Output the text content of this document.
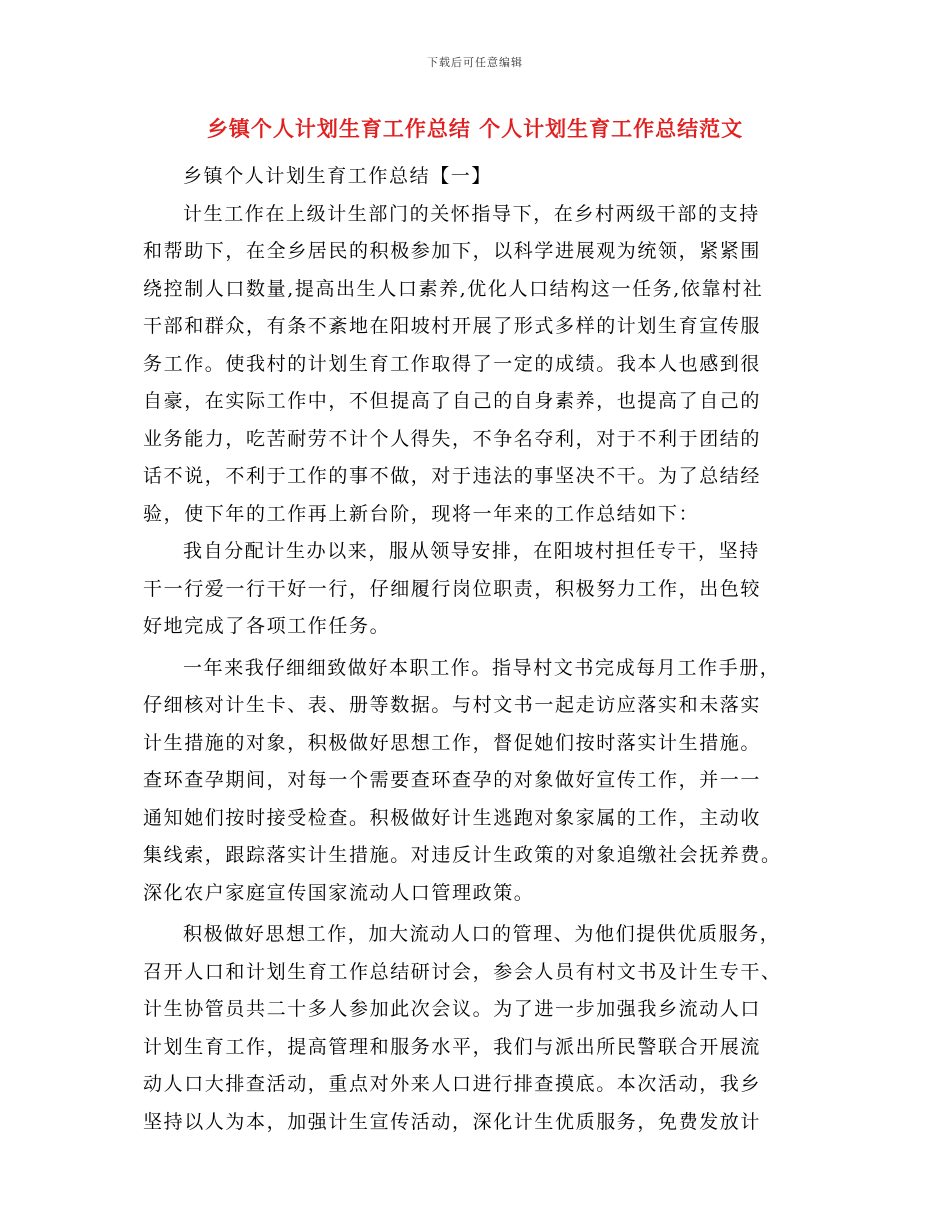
下载后可任意编辑
乡镇个人计划生育工作总结 个人计划生育工作总结范文
乡镇个人计划生育工作总结【一】
计生工作在上级计生部门的关怀指导下，在乡村两级干部的支持
和帮助下，在全乡居民的积极参加下，以科学进展观为统领，紧紧围
绕控制人口数量,提高出生人口素养,优化人口结构这一任务,依靠村社
干部和群众，有条不紊地在阳坡村开展了形式多样的计划生育宣传服
务工作。使我村的计划生育工作取得了一定的成绩。我本人也感到很
自豪，在实际工作中，不但提高了自己的自身素养，也提高了自己的
业务能力，吃苦耐劳不计个人得失，不争名夺利，对于不利于团结的
话不说，不利于工作的事不做，对于违法的事坚决不干。为了总结经
验，使下年的工作再上新台阶，现将一年来的工作总结如下：
我自分配计生办以来，服从领导安排，在阳坡村担任专干，坚持
干一行爱一行干好一行，仔细履行岗位职责，积极努力工作，出色较
好地完成了各项工作任务。
一年来我仔细细致做好本职工作。指导村文书完成每月工作手册，
仔细核对计生卡、表、册等数据。与村文书一起走访应落实和未落实
计生措施的对象，积极做好思想工作，督促她们按时落实计生措施。
查环查孕期间，对每一个需要查环查孕的对象做好宣传工作，并一一
通知她们按时接受检查。积极做好计生逃跑对象家属的工作，主动收
集线索，跟踪落实计生措施。对违反计生政策的对象追缴社会抚养费。
深化农户家庭宣传国家流动人口管理政策。
积极做好思想工作，加大流动人口的管理、为他们提供优质服务，
召开人口和计划生育工作总结研讨会，参会人员有村文书及计生专干、
计生协管员共二十多人参加此次会议。为了进一步加强我乡流动人口
计划生育工作，提高管理和服务水平，我们与派出所民警联合开展流
动人口大排查活动，重点对外来人口进行排查摸底。本次活动，我乡
坚持以人为本，加强计生宣传活动，深化计生优质服务，免费发放计
